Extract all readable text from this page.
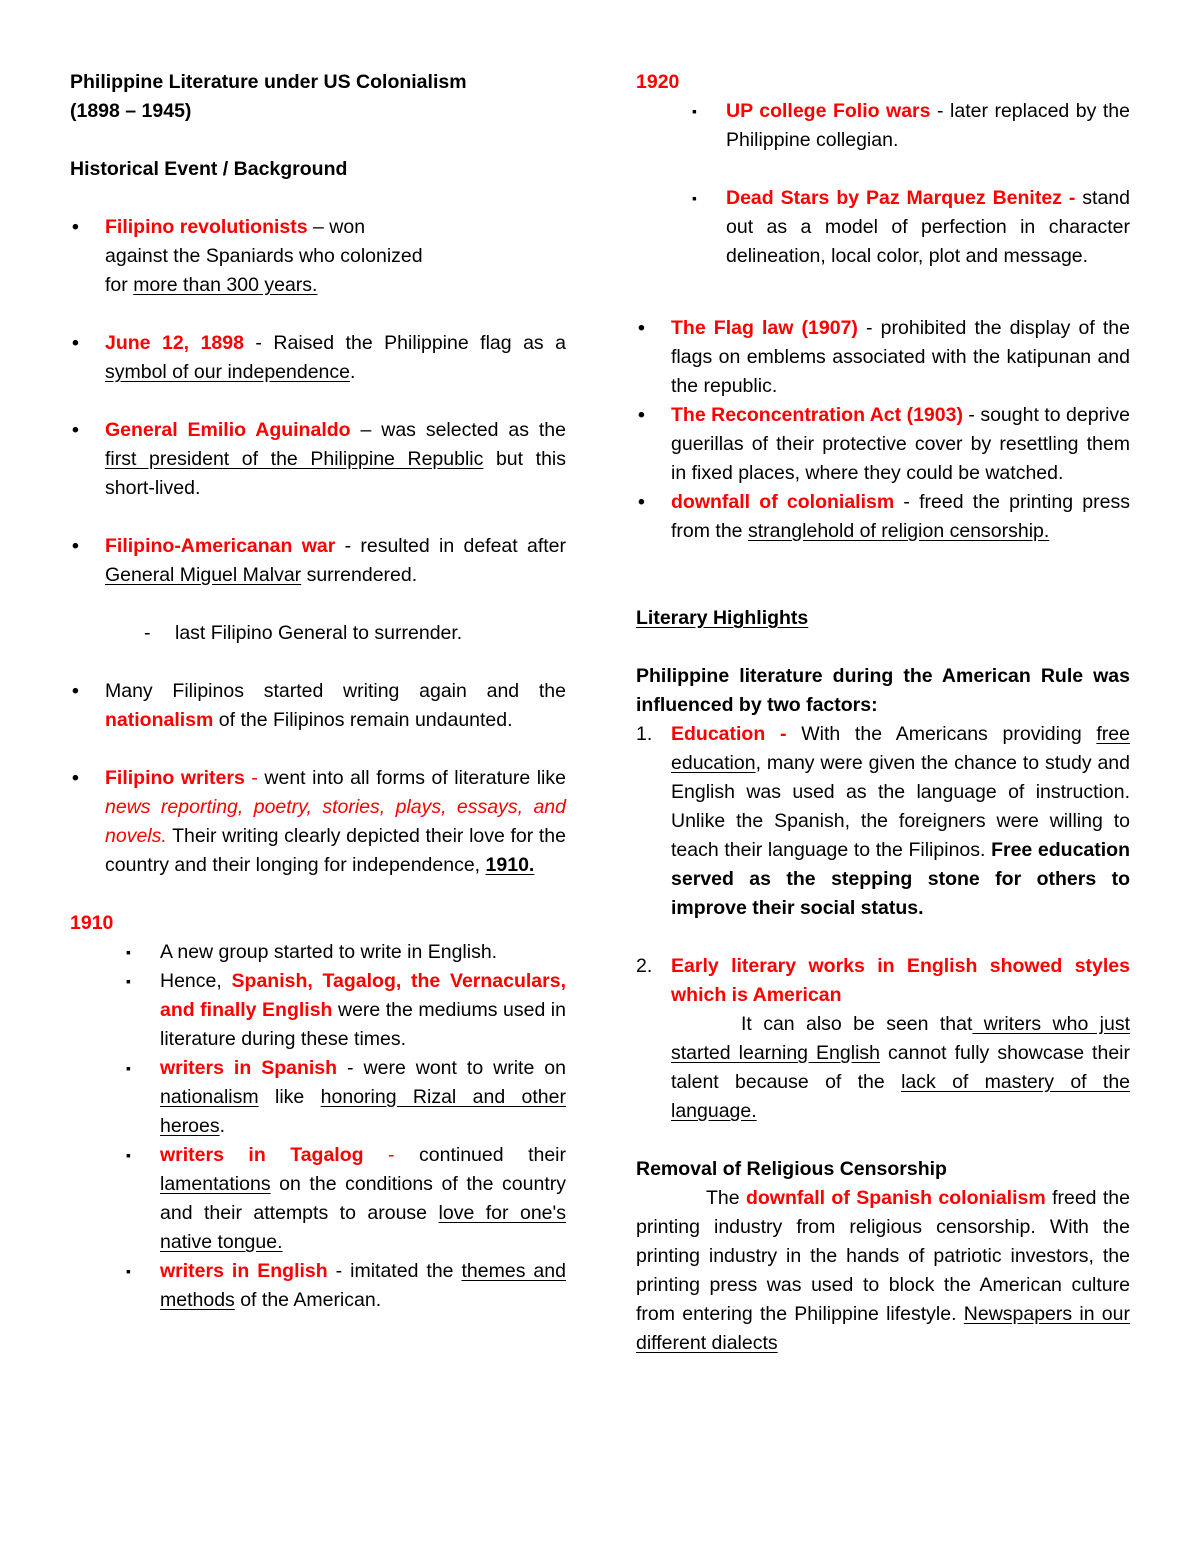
Philippine Literature under US Colonialism

(1898 – 1945)

Historical Event / Background

• Filipino revolutionists – won
against the Spaniards who colonized
for more than 300 years.
• June 12, 1898 - Raised the Philippine flag as a symbol of our independence.
• General Emilio Aguinaldo – was selected as the first president of the Philippine Republic but this short-lived.
• Filipino-Americanan war - resulted in defeat after General Miguel Malvar surrendered.
- last Filipino General to surrender.
• Many Filipinos started writing again and the nationalism of the Filipinos remain undaunted.
• Filipino writers - went into all forms of literature like news reporting, poetry, stories, plays, essays, and novels. Their writing clearly depicted their love for the country and their longing for independence, 1910.

1910

▪ A new group started to write in English.
▪ Hence, Spanish, Tagalog, the Vernaculars, and finally English were the mediums used in literature during these times.
▪ writers in Spanish - were wont to write on nationalism like honoring Rizal and other heroes.
▪ writers in Tagalog - continued their lamentations on the conditions of the country and their attempts to arouse love for one's native tongue.
▪ writers in English - imitated the themes and methods of the American.

1920

▪ UP college Folio wars - later replaced by the Philippine collegian.
▪ Dead Stars by Paz Marquez Benitez - stand out as a model of perfection in character delineation, local color, plot and message.
• The Flag law (1907) - prohibited the display of the flags on emblems associated with the katipunan and the republic.
• The Reconcentration Act (1903) - sought to deprive guerillas of their protective cover by resettling them in fixed places, where they could be watched.
• downfall of colonialism - freed the printing press from the stranglehold of religion censorship.

Literary Highlights

Philippine literature during the American Rule was influenced by two factors:

1. Education - With the Americans providing free education, many were given the chance to study and English was used as the language of instruction. Unlike the Spanish, the foreigners were willing to teach their language to the Filipinos. Free education served as the stepping stone for others to improve their social status.
2. Early literary works in English showed styles which is American
It can also be seen that writers who just started learning English cannot fully showcase their talent because of the lack of mastery of the language.

Removal of Religious Censorship

The downfall of Spanish colonialism freed the printing industry from religious censorship. With the printing industry in the hands of patriotic investors, the printing press was used to block the American culture from entering the Philippine lifestyle. Newspapers in our different dialects
